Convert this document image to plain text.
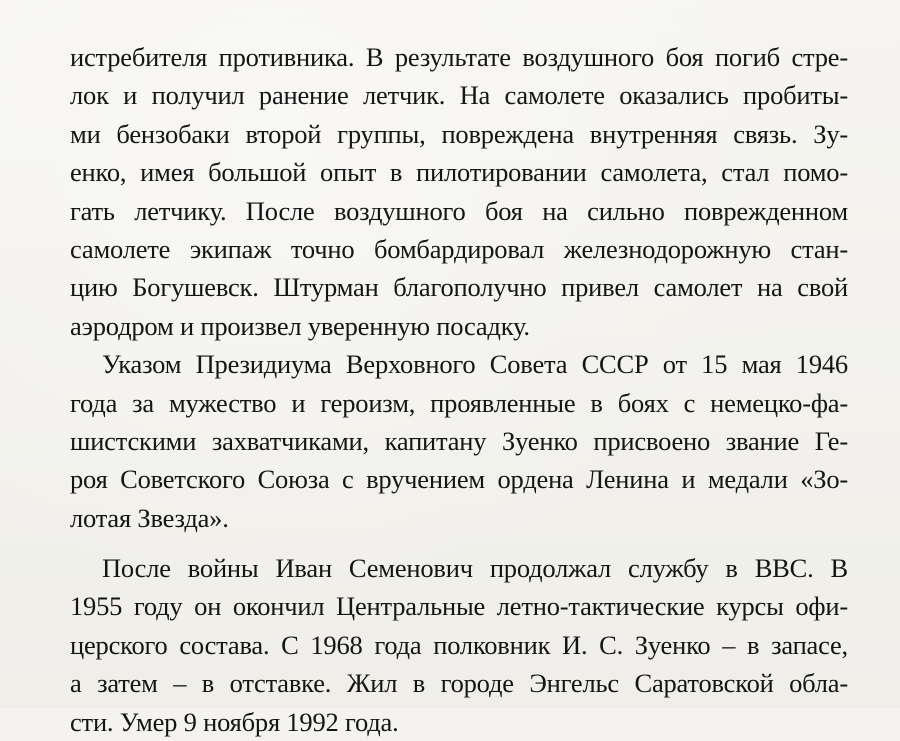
истребителя противника. В результате воздушного боя погиб стре-
лок и получил ранение летчик. На самолете оказались пробиты-
ми бензобаки второй группы, повреждена внутренняя связь. Зу-
енко, имея большой опыт в пилотировании самолета, стал помо-
гать летчику. После воздушного боя на сильно поврежденном
самолете экипаж точно бомбардировал железнодорожную стан-
цию Богушевск. Штурман благополучно привел самолет на свой
аэродром и произвел уверенную посадку.
Указом Президиума Верховного Совета СССР от 15 мая 1946
года за мужество и героизм, проявленные в боях с немецко-фа-
шистскими захватчиками, капитану Зуенко присвоено звание Ге-
роя Советского Союза с вручением ордена Ленина и медали «Зо-
лотая Звезда».
После войны Иван Семенович продолжал службу в ВВС. В
1955 году он окончил Центральные летно-тактические курсы офи-
церского состава. С 1968 года полковник И. С. Зуенко – в запасе,
а затем – в отставке. Жил в городе Энгельс Саратовской обла-
сти. Умер 9 ноября 1992 года.
